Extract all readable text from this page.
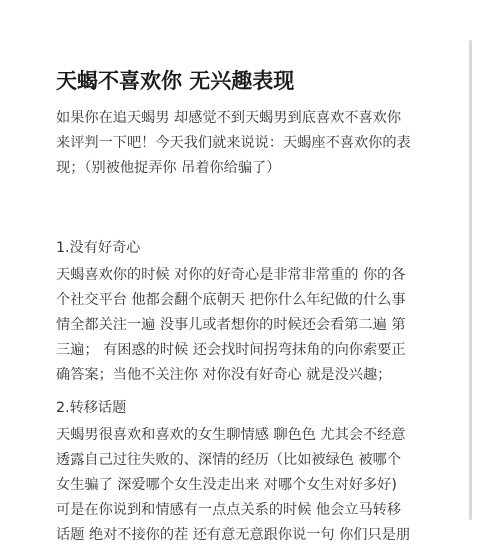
天蝎不喜欢你 无兴趣表现

如果你在追天蝎男 却感觉不到天蝎男到底喜欢不喜欢你
来评判一下吧！今天我们就来说说：天蝎座不喜欢你的表
现；（别被他捉弄你 吊着你给骗了）

1.没有好奇心

天蝎喜欢你的时候 对你的好奇心是非常非常重的 你的各
个社交平台 他都会翻个底朝天 把你什么年纪做的什么事
情全都关注一遍 没事儿或者想你的时候还会看第二遍 第
三遍； 有困惑的时候 还会找时间拐弯抹角的向你索要正
确答案；当他不关注你 对你没有好奇心 就是没兴趣；

2.转移话题

天蝎男很喜欢和喜欢的女生聊情感 聊色色 尤其会不经意
透露自己过往失败的、深情的经历（比如被绿色 被哪个
女生骗了 深爱哪个女生没走出来 对哪个女生对好多好)
可是在你说到和情感有一点点关系的时候 他会立马转移
话题 绝对不接你的茬 还有意无意跟你说一句 你们只是朋
